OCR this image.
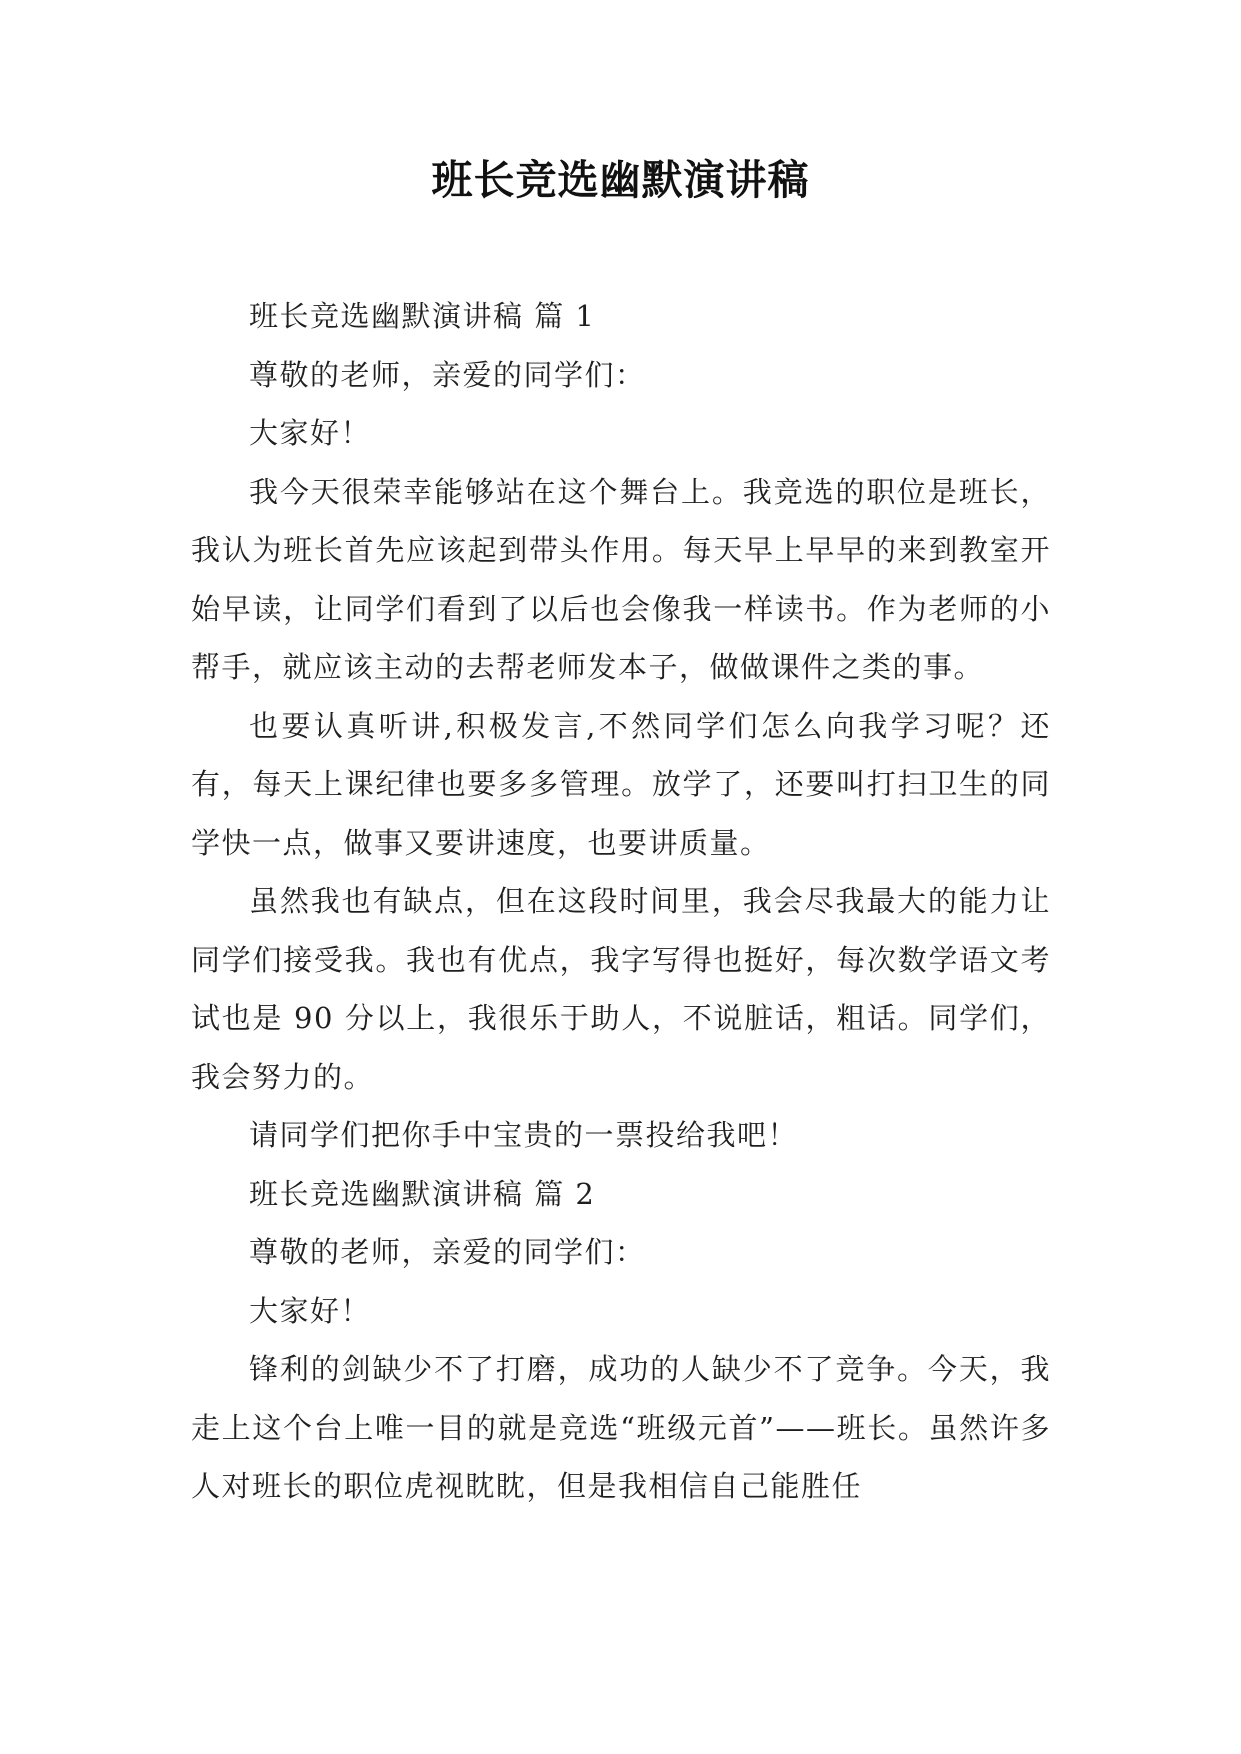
班长竞选幽默演讲稿

班长竞选幽默演讲稿 篇 1

尊敬的老师，亲爱的同学们：

大家好！

我今天很荣幸能够站在这个舞台上。我竞选的职位是班长，我认为班长首先应该起到带头作用。每天早上早早的来到教室开始早读，让同学们看到了以后也会像我一样读书。作为老师的小帮手，就应该主动的去帮老师发本子，做做课件之类的事。

也要认真听讲,积极发言,不然同学们怎么向我学习呢？还有，每天上课纪律也要多多管理。放学了，还要叫打扫卫生的同学快一点，做事又要讲速度，也要讲质量。

虽然我也有缺点，但在这段时间里，我会尽我最大的能力让同学们接受我。我也有优点，我字写得也挺好，每次数学语文考试也是 90 分以上，我很乐于助人，不说脏话，粗话。同学们，我会努力的。

请同学们把你手中宝贵的一票投给我吧！

班长竞选幽默演讲稿 篇 2

尊敬的老师，亲爱的同学们：

大家好！

锋利的剑缺少不了打磨，成功的人缺少不了竞争。今天，我走上这个台上唯一目的就是竞选“班级元首”——班长。虽然许多人对班长的职位虎视眈眈，但是我相信自己能胜任
